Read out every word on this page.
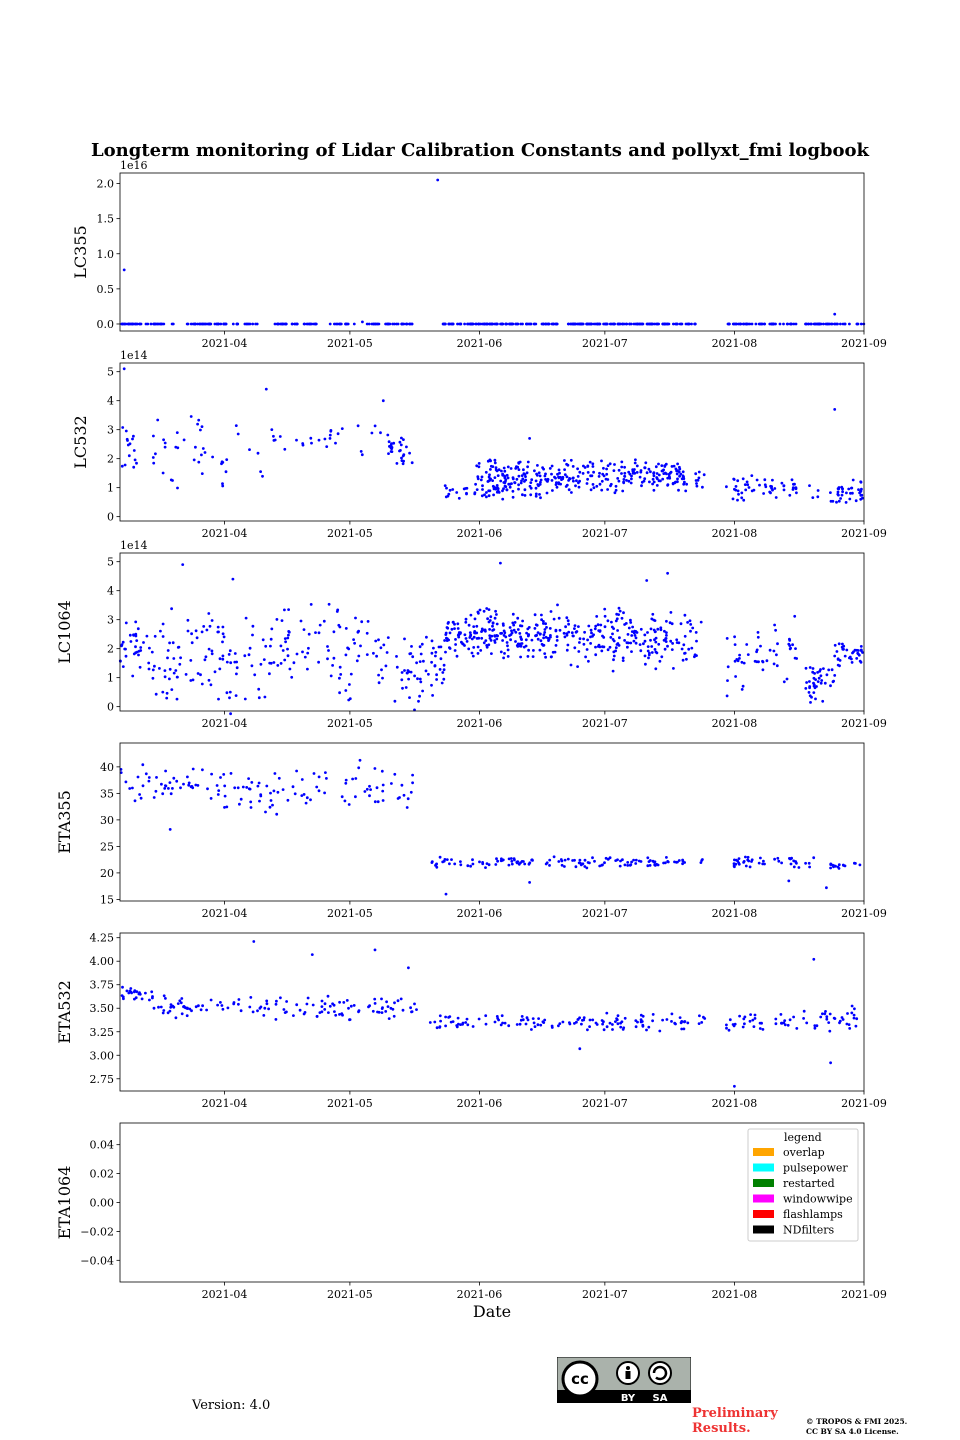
Longterm monitoring of Lidar Calibration Constants and pollyxt_fmi logbook
0.0
0.5
1.0
1.5
2.0
2021-04	2021-05	2021-06	2021-07	2021-08	2021-09
1e16
LC355
0
1
2
3
4
5
2021-04	2021-05	2021-06	2021-07	2021-08	2021-09
1e14
LC532
0
1
2
3
4
5
2021-04	2021-05	2021-06	2021-07	2021-08	2021-09
1e14
LC1064
15
20
25
30
35
40
2021-04	2021-05	2021-06	2021-07	2021-08	2021-09
ETA355
2.75
3.00
3.25
3.50
3.75
4.00
4.25
2021-04	2021-05	2021-06	2021-07	2021-08	2021-09
ETA532
−0.04
−0.02
0.00
0.02
0.04
2021-04	2021-05	2021-06	2021-07	2021-08	2021-09
ETA1064
legend
overlap
pulsepower
restarted
windowwipe
flashlamps
NDfilters
Date
Version: 4.0
cc
BY SA
Preliminary
Results.	© TROPOS & FMI 2025.
CC BY SA 4.0 License.
